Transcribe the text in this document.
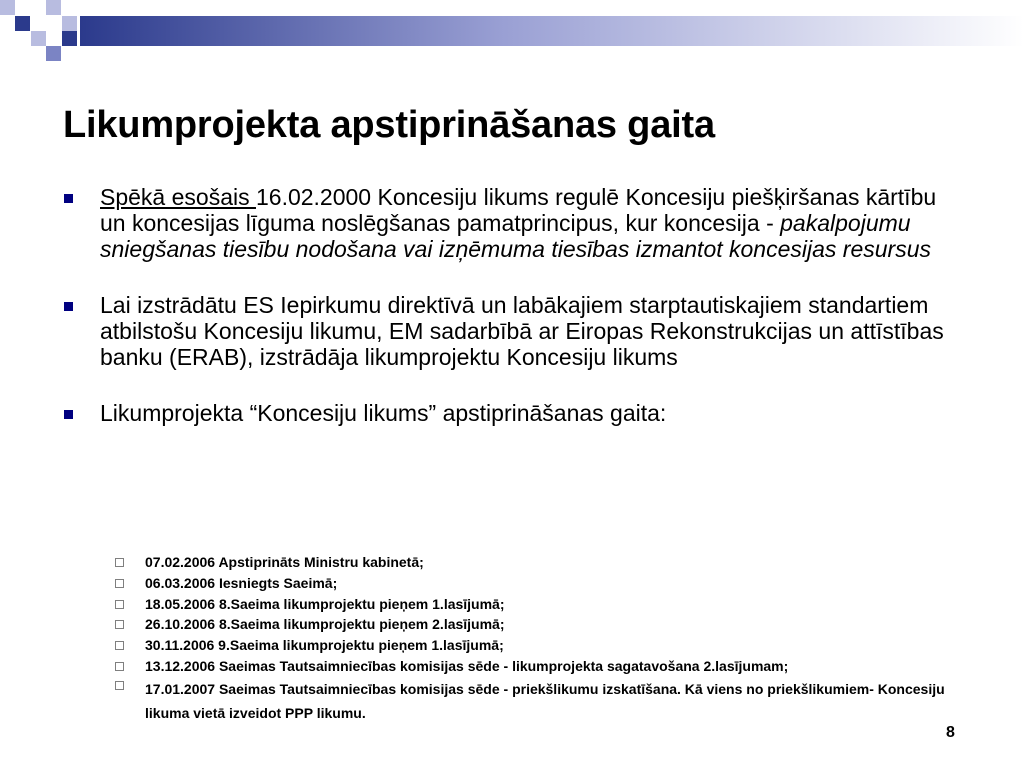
Likumprojekta apstiprināšanas gaita
Spēkā esošais 16.02.2000 Koncesiju likums regulē Koncesiju piešķiršanas kārtību un koncesijas līguma noslēgšanas pamatprincipus, kur koncesija - pakalpojumu sniegšanas tiesību nodošana vai izņēmuma tiesības izmantot koncesijas resursus
Lai izstrādātu ES Iepirkumu direktīvā un labākajiem starptautiskajiem standartiem atbilstošu Koncesiju likumu, EM sadarbībā ar Eiropas Rekonstrukcijas un attīstības banku (ERAB), izstrādāja likumprojektu Koncesiju likums
Likumprojekta “Koncesiju likums” apstiprināšanas gaita:
07.02.2006 Apstiprināts Ministru kabinetā;
06.03.2006 Iesniegts Saeimā;
18.05.2006 8.Saeima likumprojektu pieņem 1.lasījumā;
26.10.2006 8.Saeima likumprojektu pieņem 2.lasījumā;
30.11.2006 9.Saeima likumprojektu pieņem 1.lasījumā;
13.12.2006 Saeimas Tautsaimniecības komisijas sēde - likumprojekta sagatavošana 2.lasījumam;
17.01.2007 Saeimas Tautsaimniecības komisijas sēde - priekšlikumu izskatīšana. Kā viens no priekšlikumiem- Koncesiju likuma vietā izveidot PPP likumu.
8
